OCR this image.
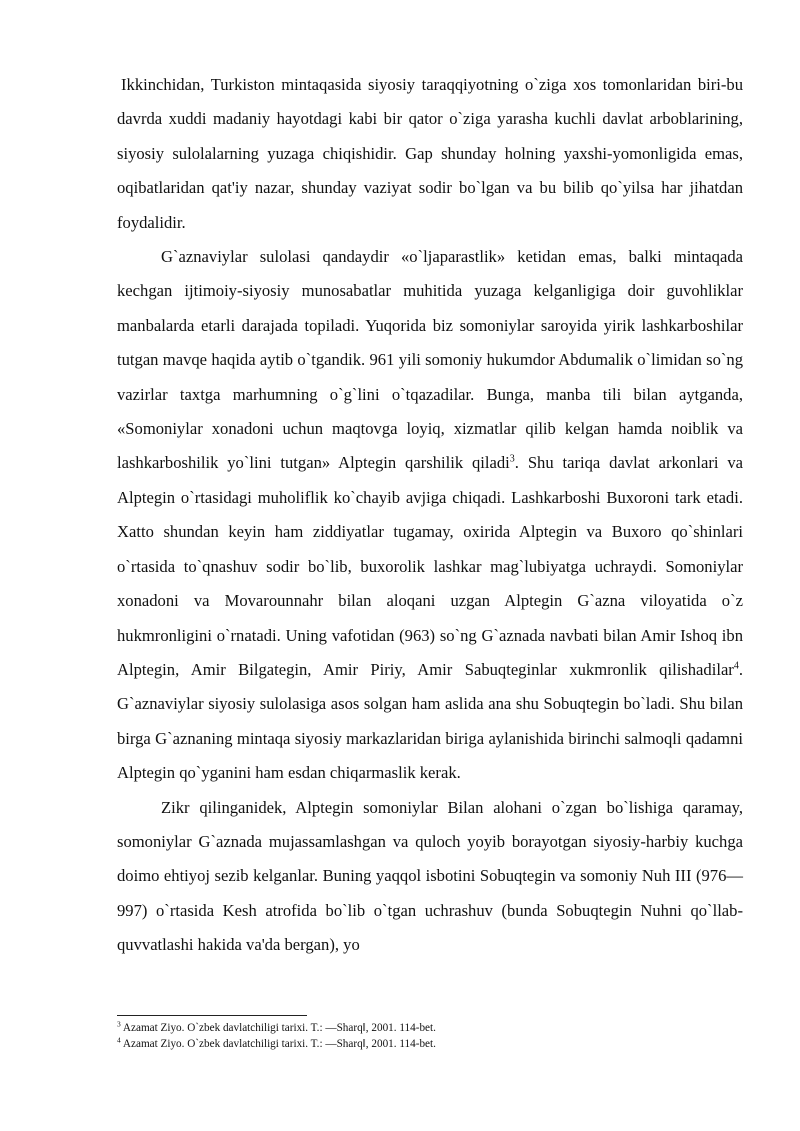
Ikkinchidan, Turkiston mintaqasida siyosiy taraqqiyotning o`ziga xos tomonlaridan biri-bu davrda xuddi madaniy hayotdagi kabi bir qator o`ziga yarasha kuchli davlat arboblarining, siyosiy sulolalarning yuzaga chiqishidir. Gap shunday holning yaxshi-yomonligida emas, oqibatlaridan qat'iy nazar, shunday vaziyat sodir bo`lgan va bu bilib qo`yilsa har jihatdan foydalidir.

G`aznaviylar sulolasi qandaydir «o`ljaparastlik» ketidan emas, balki mintaqada kechgan ijtimoiy-siyosiy munosabatlar muhitida yuzaga kelganligiga doir guvohliklar manbalarda etarli darajada topiladi. Yuqorida biz somoniylar saroyida yirik lashkarboshilar tutgan mavqe haqida aytib o`tgandik. 961 yili somoniy hukumdor Abdumalik o`limidan so`ng vazirlar taxtga marhumning o`g`lini o`tqazadilar. Bunga, manba tili bilan aytganda, «Somoniylar xonadoni uchun maqtovga loyiq, xizmatlar qilib kelgan hamda noiblik va lashkarboshilik yo`lini tutgan» Alptegin qarshilik qiladi$^3$. Shu tariqa davlat arkonlari va Alptegin o`rtasidagi muholiflik ko`chayib avjiga chiqadi. Lashkarboshi Buxoroni tark etadi. Xatto shundan keyin ham ziddiyatlar tugamay, oxirida Alptegin va Buxoro qo`shinlari o`rtasida to`qnashuv sodir bo`lib, buxorolik lashkar mag`lubiyatga uchraydi. Somoniylar xonadoni va Movarounnahr bilan aloqani uzgan Alptegin G`azna viloyatida o`z hukmronligini o`rnatadi. Uning vafotidan (963) so`ng G`aznada navbati bilan Amir Ishoq ibn Alptegin, Amir Bilgategin, Amir Piriy, Amir Sabuqteginlar xukmronlik qilishadilar$^4$. G`aznaviylar siyosiy sulolasiga asos solgan ham aslida ana shu Sobuqtegin bo`ladi. Shu bilan birga G`aznaning mintaqa siyosiy markazlaridan biriga aylanishida birinchi salmoqli qadamni Alptegin qo`yganini ham esdan chiqarmaslik kerak.

Zikr qilinganidek, Alptegin somoniylar Bilan alohani o`zgan bo`lishiga qaramay, somoniylar G`aznada mujassamlashgan va quloch yoyib borayotgan siyosiy-harbiy kuchga doimo ehtiyoj sezib kelganlar. Buning yaqqol isbotini Sobuqtegin va somoniy Nuh III (976—997) o`rtasida Kesh atrofida bo`lib o`tgan uchrashuv (bunda Sobuqtegin Nuhni qo`llab-quvvatlashi hakida va'da bergan), yo

$^3$ Azamat Ziyo. O`zbek davlatchiligi tarixi. T.: —Sharq‖, 2001. 114-bet.
$^4$ Azamat Ziyo. O`zbek davlatchiligi tarixi. T.: —Sharq‖, 2001. 114-bet.
